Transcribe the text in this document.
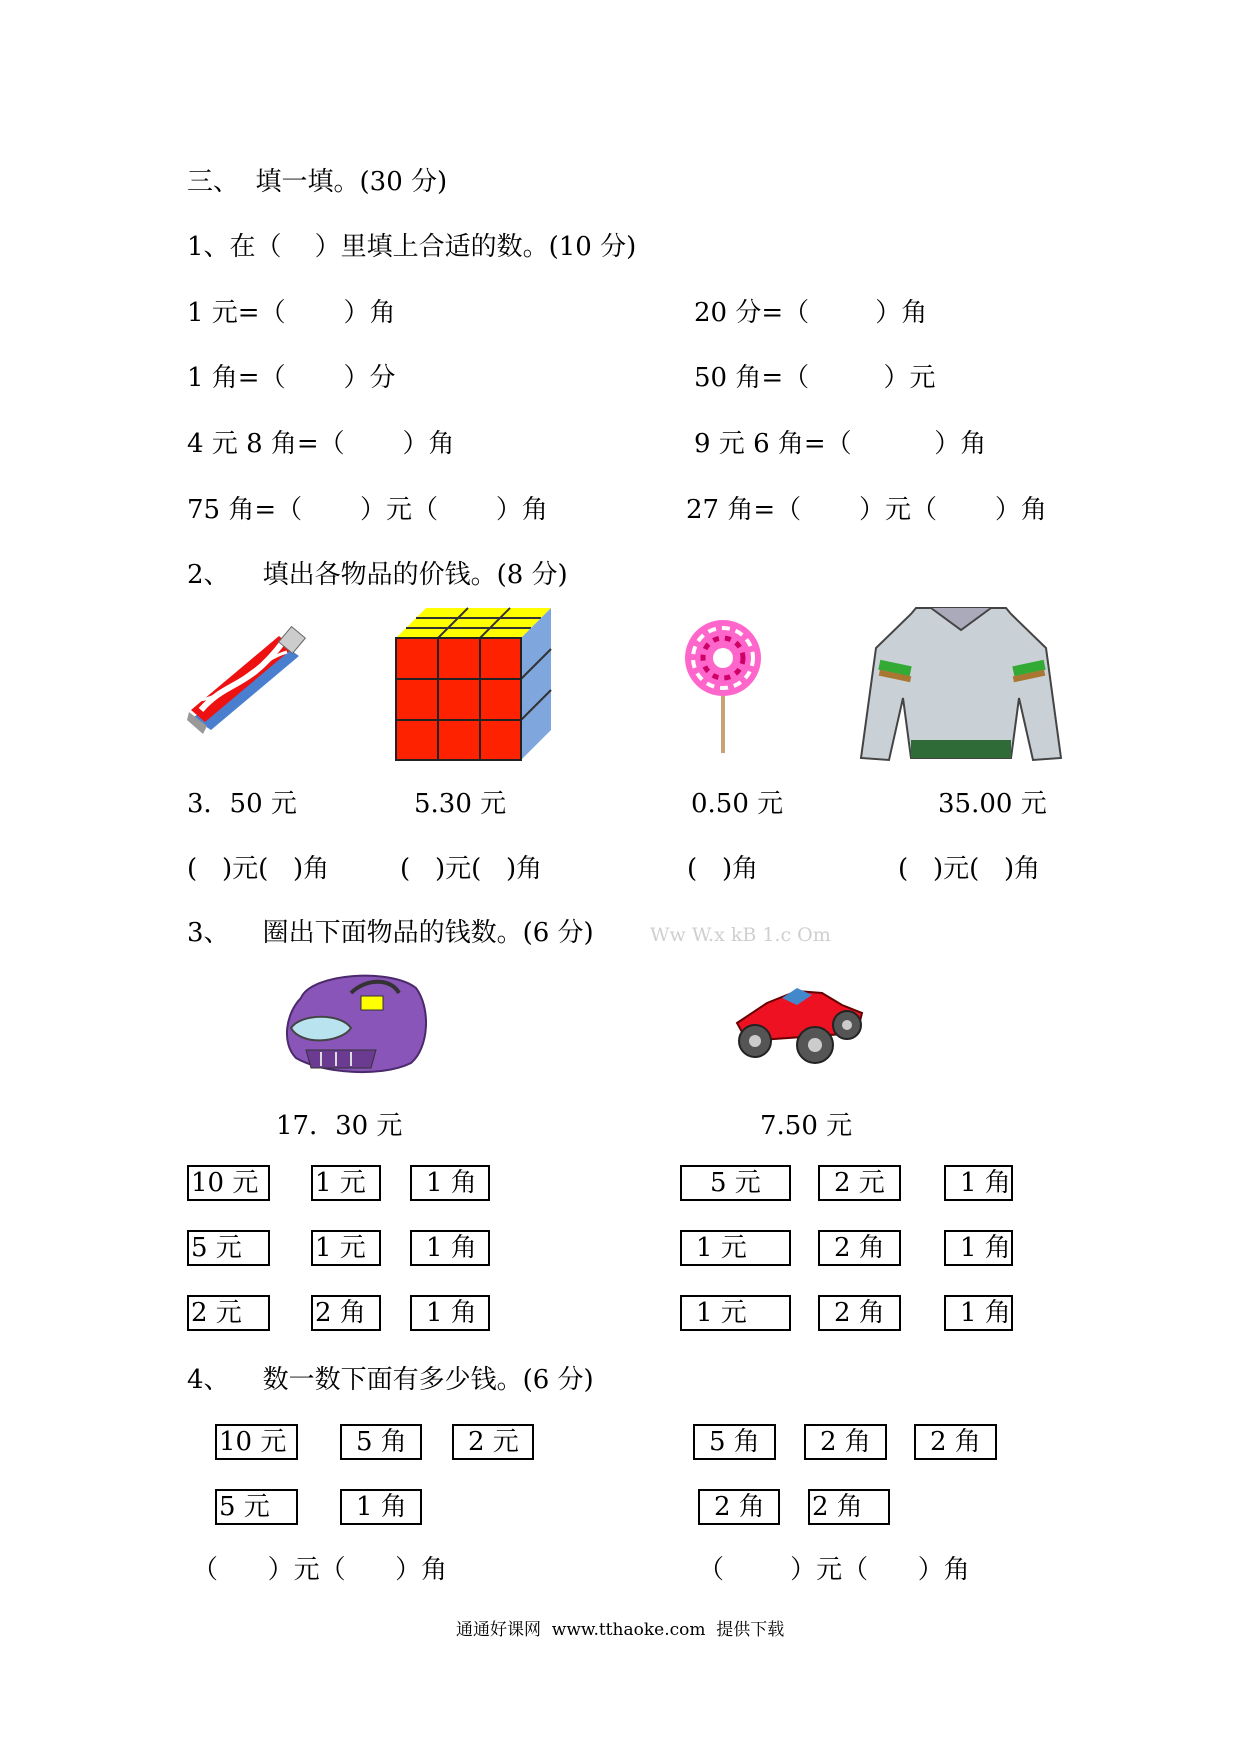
三、  填一填。(30 分)
1、在（    ）里填上合适的数。(10 分)
1 元=（       ）角	20 分=（        ）角
1 角=（       ）分	50 角=（         ）元
4 元 8 角=（       ）角	9 元 6 角=（          ）角
75 角=（       ）元（       ）角	27 角=（       ）元（       ）角
2、    填出各物品的价钱。(8 分)
3．50 元	5.30 元	0.50 元	35.00 元
(   )元(   )角	(   )元(   )角	(   )角	(   )元(   )角
3、    圈出下面物品的钱数。(6 分)	Ww W.x kB 1.c Om
17．30 元	7.50 元
10 元	1 元	1 角
5 元	1 元	1 角
2 元	2 角	1 角
5 元	2 元	1 角
1 元	2 角	1 角
1 元	2 角	1 角
4、    数一数下面有多少钱。(6 分)
10 元	5 角	2 元
5 元	1 角
5 角	2 角	2 角
2 角	2 角
（      ）元（      ）角	（        ）元（      ）角
通通好课网  www.tthaoke.com  提供下载
